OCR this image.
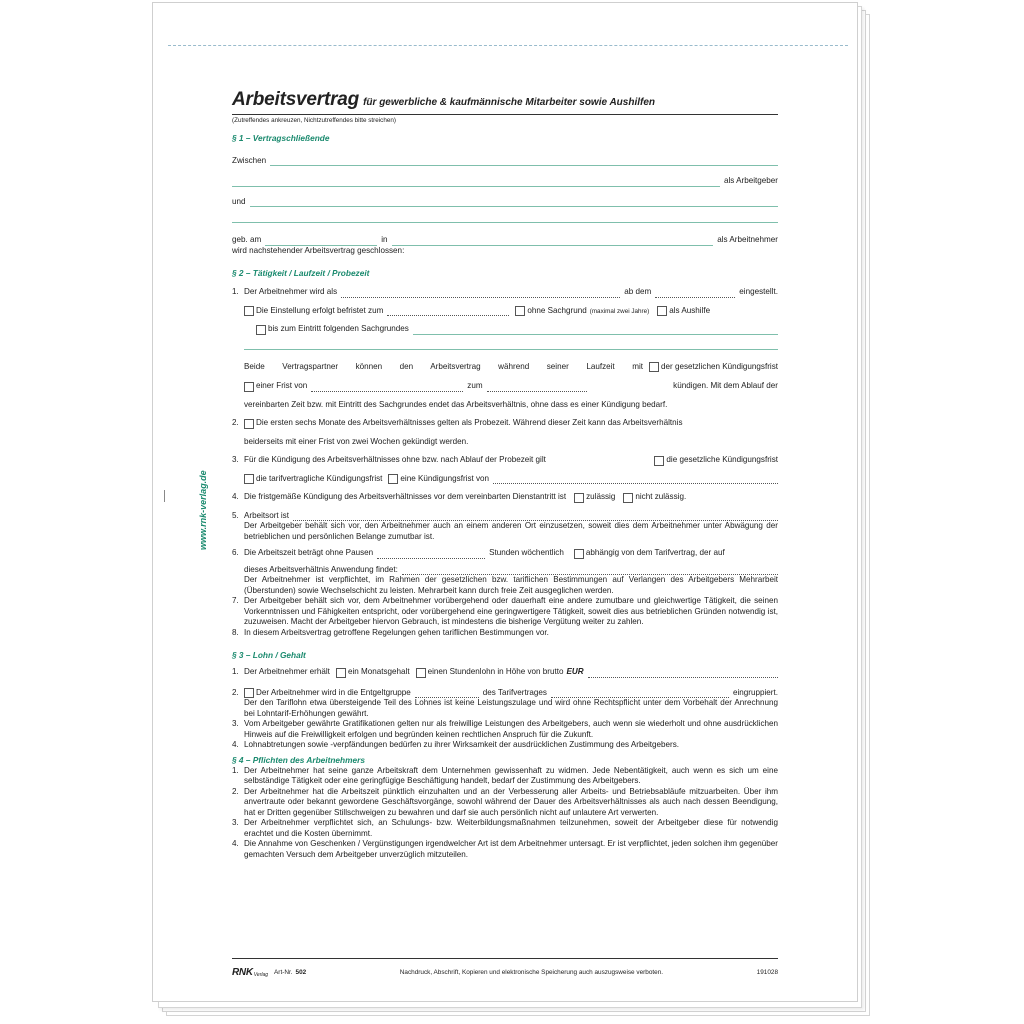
www.rnk-verlag.de
Arbeitsvertrag für gewerbliche & kaufmännische Mitarbeiter sowie Aushilfen
(Zutreffendes ankreuzen, Nichtzutreffendes bitte streichen)
§ 1 – Vertragschließende
Zwischen
als Arbeitgeber
und
geb. am	in	als Arbeitnehmer
wird nachstehender Arbeitsvertrag geschlossen:
§ 2 – Tätigkeit / Laufzeit / Probezeit
1. Der Arbeitnehmer wird als	ab dem	eingestellt.
Die Einstellung erfolgt befristet zum	ohne Sachgrund (maximal zwei Jahre) als Aushilfe
bis zum Eintritt folgenden Sachgrundes
Beide Vertragspartner können den Arbeitsvertrag während seiner Laufzeit mit der gesetzlichen Kündigungsfrist
einer Frist von	zum	kündigen. Mit dem Ablauf der
vereinbarten Zeit bzw. mit Eintritt des Sachgrundes endet das Arbeitsverhältnis, ohne dass es einer Kündigung bedarf.
2.	Die ersten sechs Monate des Arbeitsverhältnisses gelten als Probezeit. Während dieser Zeit kann das Arbeitsverhältnis
beiderseits mit einer Frist von zwei Wochen gekündigt werden.
3. Für die Kündigung des Arbeitsverhältnisses ohne bzw. nach Ablauf der Probezeit gilt	die gesetzliche Kündigungsfrist
die tarifvertragliche Kündigungsfrist eine Kündigungsfrist von
4. Die fristgemäße Kündigung des Arbeitsverhältnisses vor dem vereinbarten Dienstantritt ist zulässig nicht zulässig.
5. Arbeitsort ist
Der Arbeitgeber behält sich vor, den Arbeitnehmer auch an einem anderen Ort einzusetzen, soweit dies dem Arbeitnehmer unter Abwägung der betrieblichen und persönlichen Belange zumutbar ist.
6. Die Arbeitszeit beträgt ohne Pausen	Stunden wöchentlich	abhängig von dem Tarifvertrag, der auf
dieses Arbeitsverhältnis Anwendung findet:
Der Arbeitnehmer ist verpflichtet, im Rahmen der gesetzlichen bzw. tariflichen Bestimmungen auf Verlangen des Arbeitgebers Mehrarbeit (Überstunden) sowie Wechselschicht zu leisten. Mehrarbeit kann durch freie Zeit ausgeglichen werden.
7. Der Arbeitgeber behält sich vor, dem Arbeitnehmer vorübergehend oder dauerhaft eine andere zumutbare und gleichwertige Tätigkeit, die seinen Vorkenntnissen und Fähigkeiten entspricht, oder vorübergehend eine geringwertigere Tätigkeit, soweit dies aus betrieblichen Gründen notwendig ist, zuzuweisen. Macht der Arbeitgeber hiervon Gebrauch, ist mindestens die bisherige Vergütung weiter zu zahlen.
8. In diesem Arbeitsvertrag getroffene Regelungen gehen tariflichen Bestimmungen vor.
§ 3 – Lohn / Gehalt
1. Der Arbeitnehmer erhält ein Monatsgehalt einen Stundenlohn in Höhe von brutto EUR
2.	Der Arbeitnehmer wird in die Entgeltgruppe	des Tarifvertrages	eingruppiert.
Der den Tariflohn etwa übersteigende Teil des Lohnes ist keine Leistungszulage und wird ohne Rechtspflicht unter dem Vorbehalt der Anrechnung bei Lohntarif-Erhöhungen gewährt.
3. Vom Arbeitgeber gewährte Gratifikationen gelten nur als freiwillige Leistungen des Arbeitgebers, auch wenn sie wiederholt und ohne ausdrücklichen Hinweis auf die Freiwilligkeit erfolgen und begründen keinen rechtlichen Anspruch für die Zukunft.
4. Lohnabtretungen sowie -verpfändungen bedürfen zu ihrer Wirksamkeit der ausdrücklichen Zustimmung des Arbeitgebers.
§ 4 – Pflichten des Arbeitnehmers
1. Der Arbeitnehmer hat seine ganze Arbeitskraft dem Unternehmen gewissenhaft zu widmen. Jede Nebentätigkeit, auch wenn es sich um eine selbständige Tätigkeit oder eine geringfügige Beschäftigung handelt, bedarf der Zustimmung des Arbeitgebers.
2. Der Arbeitnehmer hat die Arbeitszeit pünktlich einzuhalten und an der Verbesserung aller Arbeits- und Betriebsabläufe mitzuarbeiten. Über ihm anvertraute oder bekannt gewordene Geschäftsvorgänge, sowohl während der Dauer des Arbeitsverhältnisses als auch nach dessen Beendigung, hat er Dritten gegenüber Stillschweigen zu bewahren und darf sie auch persönlich nicht auf unlautere Art verwerten.
3. Der Arbeitnehmer verpflichtet sich, an Schulungs- bzw. Weiterbildungsmaßnahmen teilzunehmen, soweit der Arbeitgeber diese für notwendig erachtet und die Kosten übernimmt.
4. Die Annahme von Geschenken / Vergünstigungen irgendwelcher Art ist dem Arbeitnehmer untersagt. Er ist verpflichtet, jeden solchen ihm gegenüber gemachten Versuch dem Arbeitgeber unverzüglich mitzuteilen.
RNK Verlag Art-Nr. 502	Nachdruck, Abschrift, Kopieren und elektronische Speicherung auch auszugsweise verboten.	191028
